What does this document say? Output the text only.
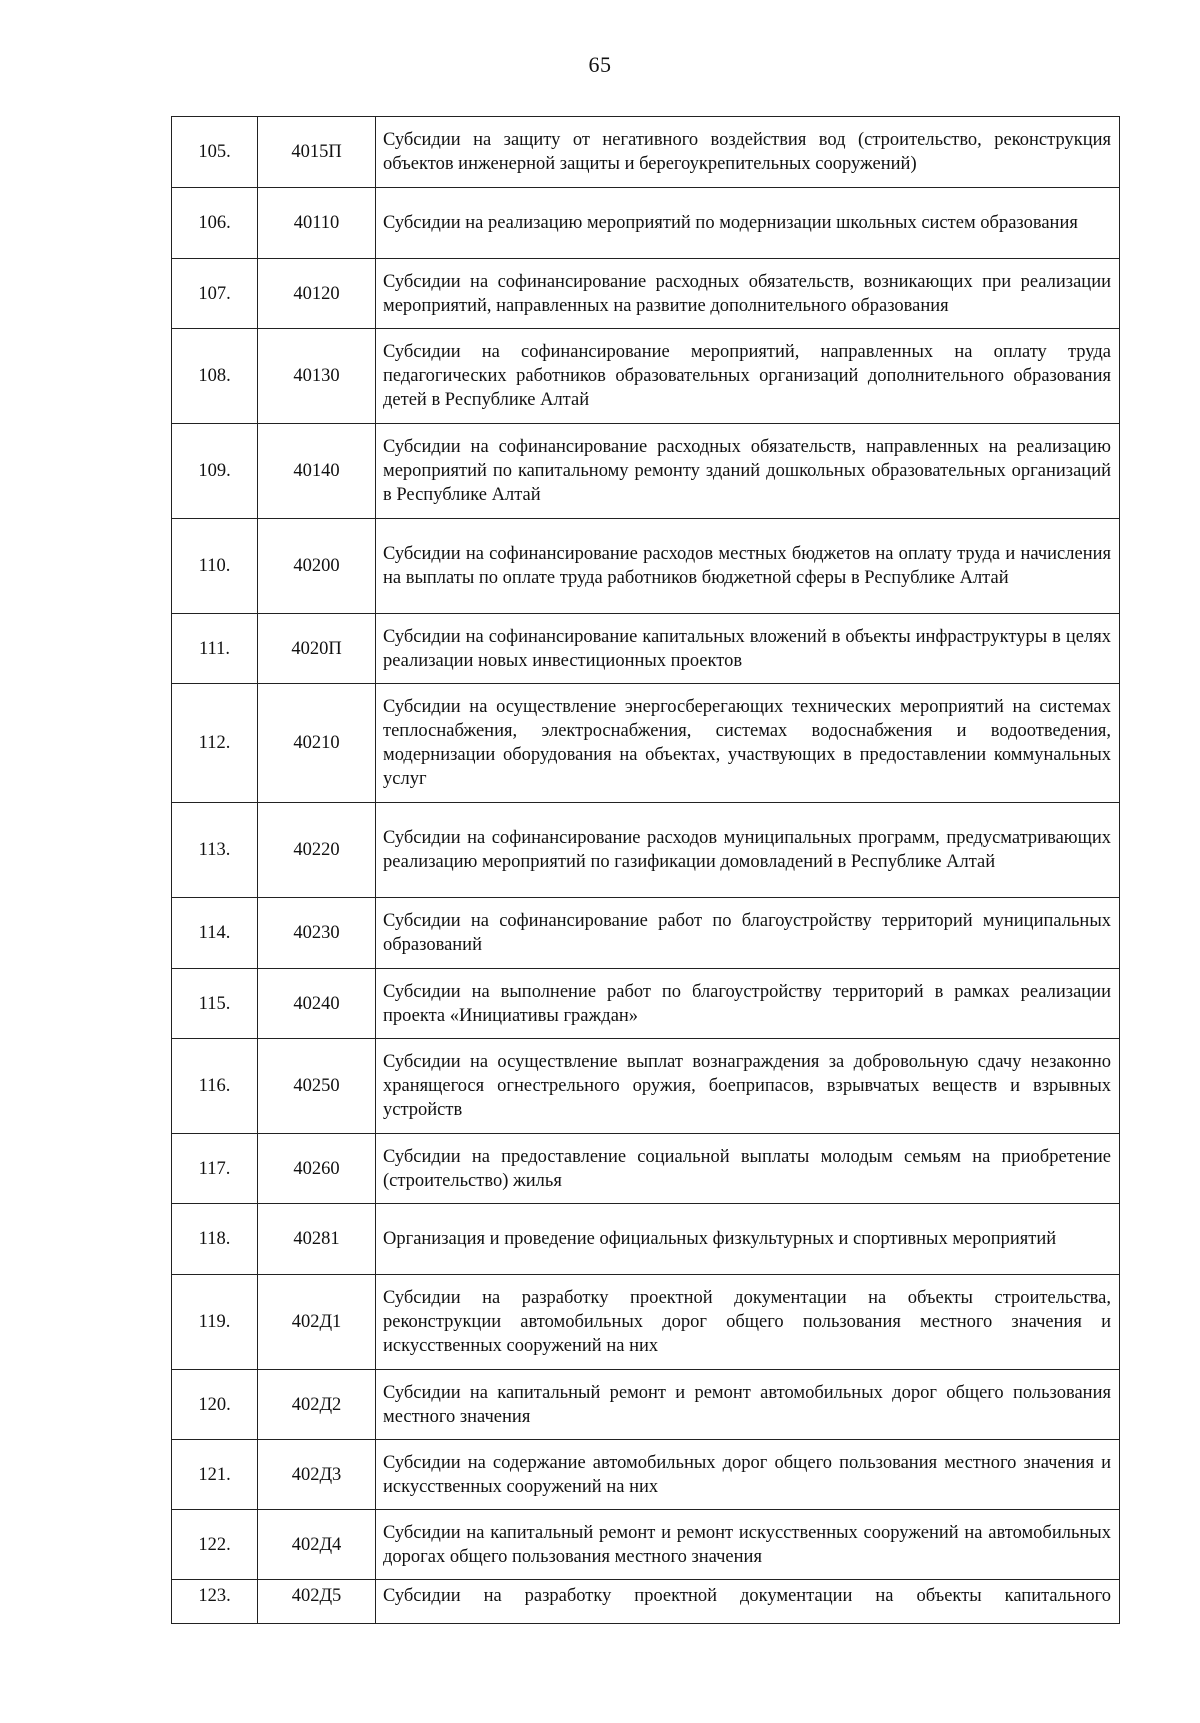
65
105.	4015П	Субсидии на защиту от негативного воздействия вод (строительство, реконструкция объектов инженерной защиты и берегоукрепительных сооружений)
106.	40110	Субсидии на реализацию мероприятий по модернизации школьных систем образования
107.	40120	Субсидии на софинансирование расходных обязательств, возникающих при реализации мероприятий, направленных на развитие дополнительного образования
108.	40130	Субсидии на софинансирование мероприятий, направленных на оплату труда педагогических работников образовательных организаций дополнительного образования детей в Республике Алтай
109.	40140	Субсидии на софинансирование расходных обязательств, направленных на реализацию мероприятий по капитальному ремонту зданий дошкольных образовательных организаций в Республике Алтай
110.	40200	Субсидии на софинансирование расходов местных бюджетов на оплату труда и начисления на выплаты по оплате труда работников бюджетной сферы в Республике Алтай
111.	4020П	Субсидии на софинансирование капитальных вложений в объекты инфраструктуры в целях реализации новых инвестиционных проектов
112.	40210	Субсидии на осуществление энергосберегающих технических мероприятий на системах теплоснабжения, электроснабжения, системах водоснабжения и водоотведения, модернизации оборудования на объектах, участвующих в предоставлении коммунальных услуг
113.	40220	Субсидии на софинансирование расходов муниципальных программ, предусматривающих реализацию мероприятий по газификации домовладений в Республике Алтай
114.	40230	Субсидии на софинансирование работ по благоустройству территорий муниципальных образований
115.	40240	Субсидии на выполнение работ по благоустройству территорий в рамках реализации проекта «Инициативы граждан»
116.	40250	Субсидии на осуществление выплат вознаграждения за добровольную сдачу незаконно хранящегося огнестрельного оружия, боеприпасов, взрывчатых веществ и взрывных устройств
117.	40260	Субсидии на предоставление социальной выплаты молодым семьям на приобретение (строительство) жилья
118.	40281	Организация и проведение официальных физкультурных и спортивных мероприятий
119.	402Д1	Субсидии на разработку проектной документации на объекты строительства, реконструкции автомобильных дорог общего пользования местного значения и искусственных сооружений на них
120.	402Д2	Субсидии на капитальный ремонт и ремонт автомобильных дорог общего пользования местного значения
121.	402Д3	Субсидии на содержание автомобильных дорог общего пользования местного значения и искусственных сооружений на них
122.	402Д4	Субсидии на капитальный ремонт и ремонт искусственных сооружений на автомобильных дорогах общего пользования местного значения
123.	402Д5	Субсидии на разработку проектной документации на объекты капитального
